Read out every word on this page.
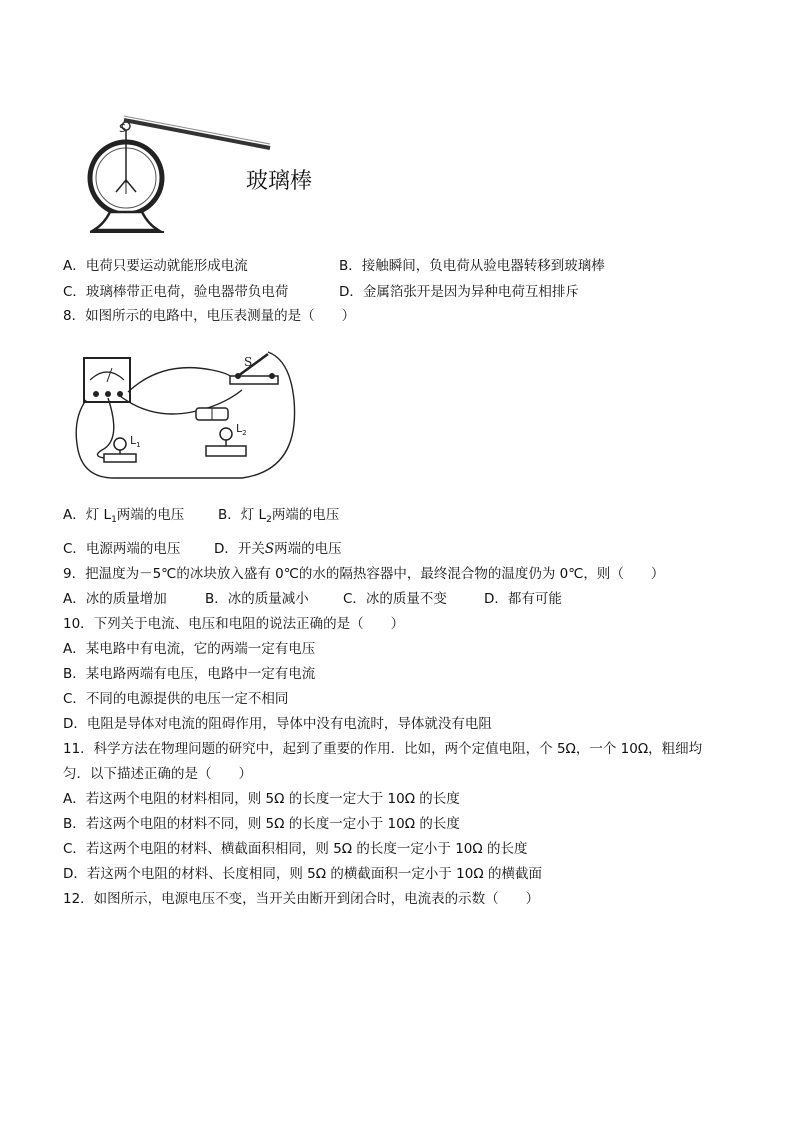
S
玻璃棒
A．电荷只要运动就能形成电流	B．接触瞬间，负电荷从验电器转移到玻璃棒
C．玻璃棒带正电荷，验电器带负电荷	D．金属箔张开是因为异种电荷互相排斥
8．如图所示的电路中，电压表测量的是（　　）
S
$L_1$
$L_2$
A．灯 $L_1$两端的电压 B．灯 $L_2$两端的电压
C．电源两端的电压 D．开关S两端的电压
9．把温度为－5℃的冰块放入盛有 0℃的水的隔热容器中，最终混合物的温度仍为 0℃，则（　　）
A．冰的质量增加	B．冰的质量减小	C．冰的质量不变	D．都有可能
10．下列关于电流、电压和电阻的说法正确的是（　　）
A．某电路中有电流，它的两端一定有电压
B．某电路两端有电压，电路中一定有电流
C．不同的电源提供的电压一定不相同
D．电阻是导体对电流的阻碍作用，导体中没有电流时，导体就没有电阻
11．科学方法在物理问题的研究中，起到了重要的作用．比如，两个定值电阻，个 5Ω，一个 10Ω，粗细均
匀．以下描述正确的是（　　）
A．若这两个电阻的材料相同，则 5Ω 的长度一定大于 10Ω 的长度
B．若这两个电阻的材料不同，则 5Ω 的长度一定小于 10Ω 的长度
C．若这两个电阻的材料、横截面积相同，则 5Ω 的长度一定小于 10Ω 的长度
D．若这两个电阻的材料、长度相同，则 5Ω 的横截面积一定小于 10Ω 的横截面
12．如图所示，电源电压不变，当开关由断开到闭合时，电流表的示数（　　）
